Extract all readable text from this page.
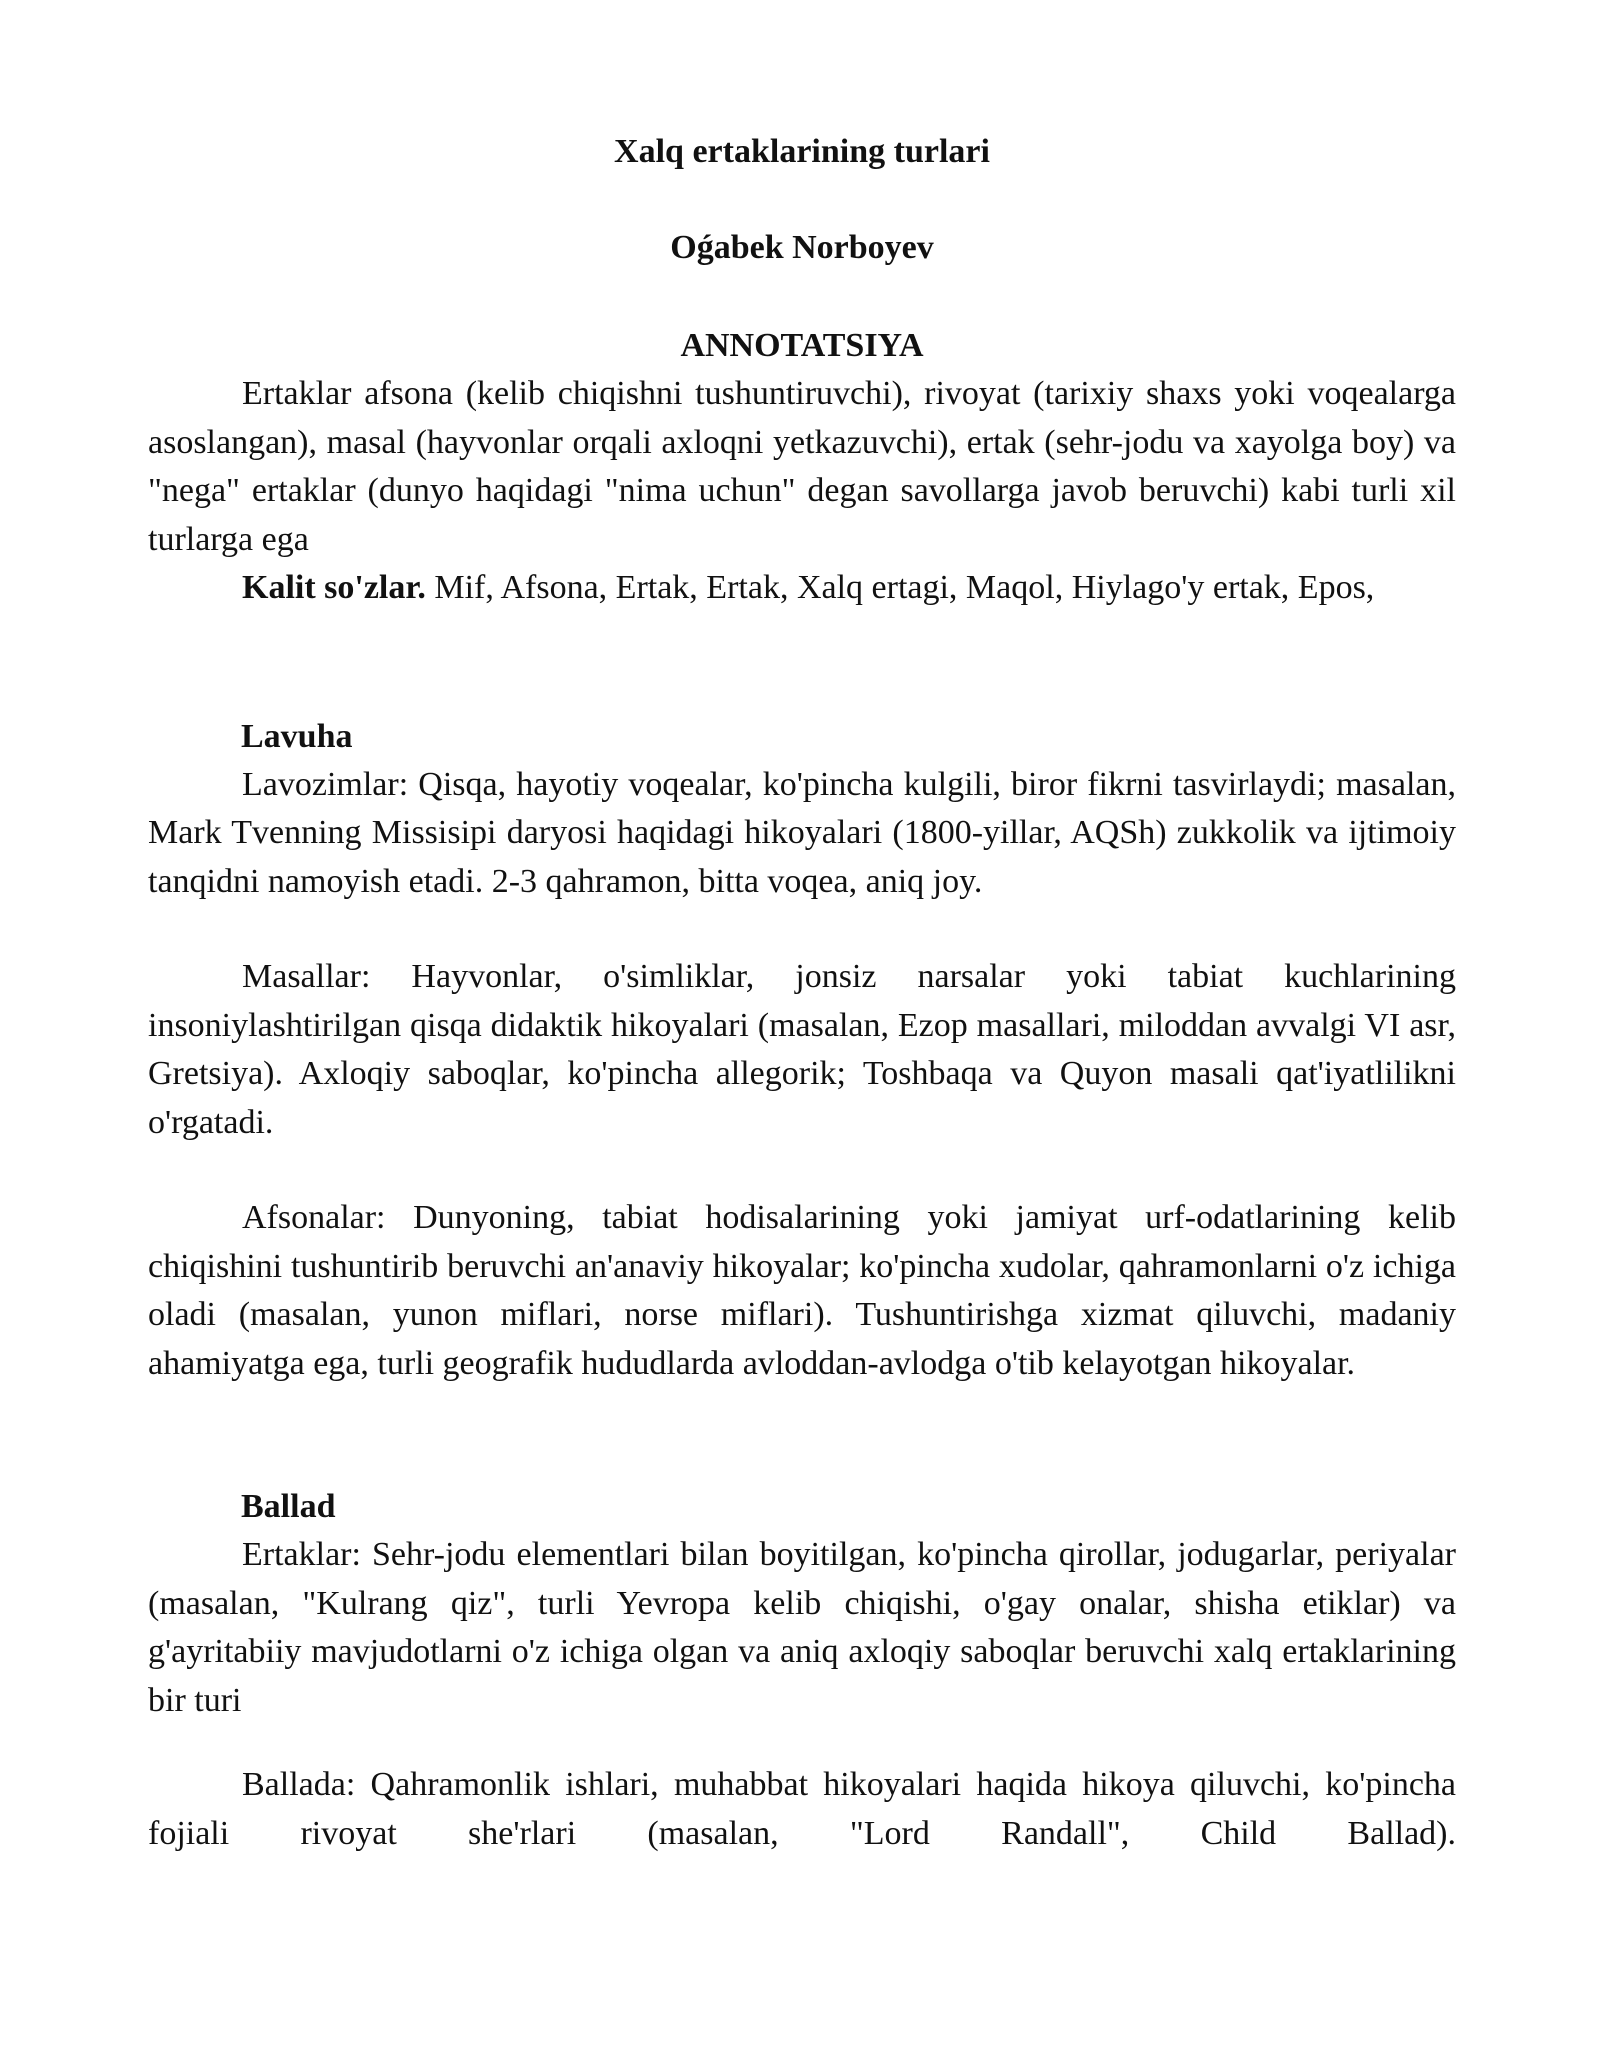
Xalq ertaklarining turlari
Oǵabek Norboyev
ANNOTATSIYA

Ertaklar afsona (kelib chiqishni tushuntiruvchi), rivoyat (tarixiy shaxs yoki voqealarga asoslangan), masal (hayvonlar orqali axloqni yetkazuvchi), ertak (sehr-jodu va xayolga boy) va "nega" ertaklar (dunyo haqidagi "nima uchun" degan savollarga javob beruvchi) kabi turli xil turlarga ega

Kalit so'zlar. Mif, Afsona, Ertak, Ertak, Xalq ertagi, Maqol, Hiylago'y ertak, Epos,

Lavuha

Lavozimlar: Qisqa, hayotiy voqealar, ko'pincha kulgili, biror fikrni tasvirlaydi; masalan, Mark Tvenning Missisipi daryosi haqidagi hikoyalari (1800-yillar, AQSh) zukkolik va ijtimoiy tanqidni namoyish etadi. 2-3 qahramon, bitta voqea, aniq joy.

Masallar: Hayvonlar, o'simliklar, jonsiz narsalar yoki tabiat kuchlarining insoniylashtirilgan qisqa didaktik hikoyalari (masalan, Ezop masallari, miloddan avvalgi VI asr, Gretsiya). Axloqiy saboqlar, ko'pincha allegorik; Toshbaqa va Quyon masali qat'iyatlilikni o'rgatadi.

Afsonalar: Dunyoning, tabiat hodisalarining yoki jamiyat urf-odatlarining kelib chiqishini tushuntirib beruvchi an'anaviy hikoyalar; ko'pincha xudolar, qahramonlarni o'z ichiga oladi (masalan, yunon miflari, norse miflari). Tushuntirishga xizmat qiluvchi, madaniy ahamiyatga ega, turli geografik hududlarda avloddan-avlodga o'tib kelayotgan hikoyalar.

Ballad

Ertaklar: Sehr-jodu elementlari bilan boyitilgan, ko'pincha qirollar, jodugarlar, periyalar (masalan, "Kulrang qiz", turli Yevropa kelib chiqishi, o'gay onalar, shisha etiklar) va g'ayritabiiy mavjudotlarni o'z ichiga olgan va aniq axloqiy saboqlar beruvchi xalq ertaklarining bir turi

Ballada: Qahramonlik ishlari, muhabbat hikoyalari haqida hikoya qiluvchi, ko'pincha fojiali rivoyat she'rlari (masalan, "Lord Randall", Child Ballad).
